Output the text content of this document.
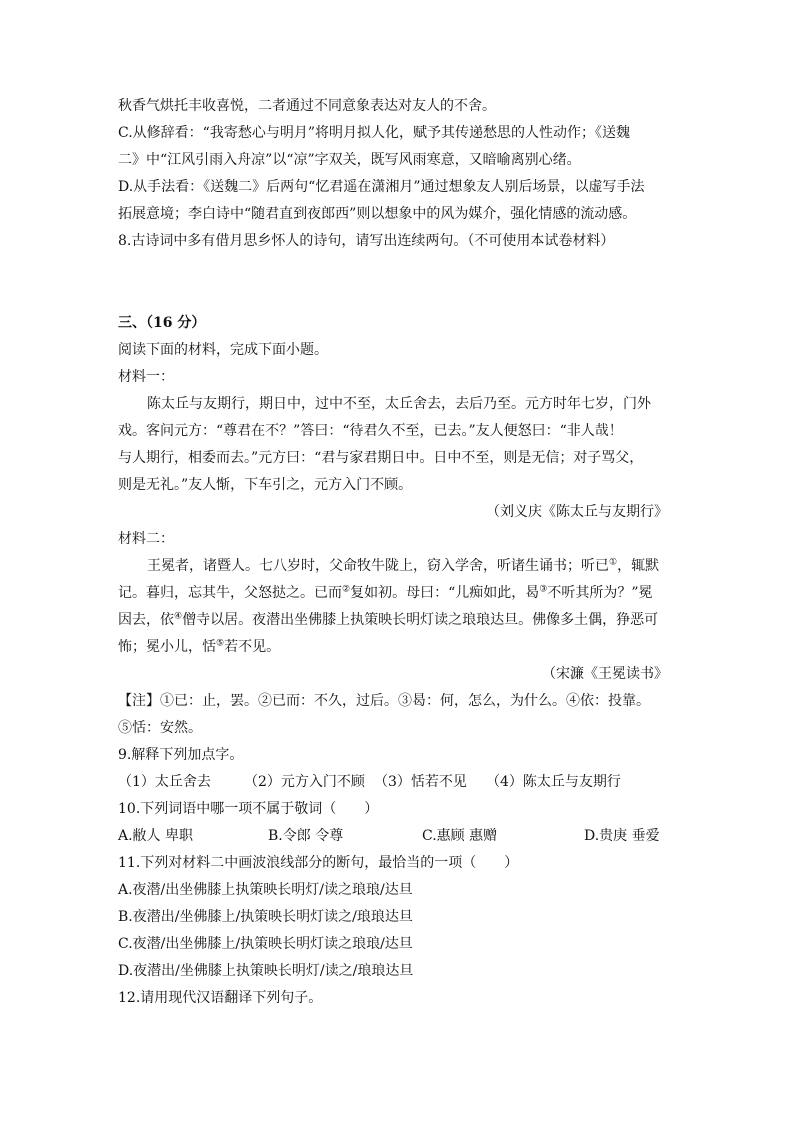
秋香气烘托丰收喜悦，二者通过不同意象表达对友人的不舍。
C.从修辞看：“我寄愁心与明月”将明月拟人化，赋予其传递愁思的人性动作；《送魏
二》中“江风引雨入舟凉”以“凉”字双关，既写风雨寒意，又暗喻离别心绪。
D.从手法看：《送魏二》后两句“忆君遥在潇湘月”通过想象友人别后场景，以虚写手法
拓展意境；李白诗中“随君直到夜郎西”则以想象中的风为媒介，强化情感的流动感。
8.古诗词中多有借月思乡怀人的诗句，请写出连续两句。（不可使用本试卷材料）
三、（16 分）
阅读下面的材料，完成下面小题。
材料一：
陈太丘与友期行，期日中，过中不至，太丘舍去，去后乃至。元方时年七岁，门外
戏。客问元方：“尊君在不？”答曰：“待君久不至，已去。”友人便怒曰：“非人哉！
与人期行，相委而去。”元方曰：“君与家君期日中。日中不至，则是无信；对子骂父，
则是无礼。”友人惭，下车引之，元方入门不顾。
（刘义庆《陈太丘与友期行》
材料二：
王冕者，诸暨人。七八岁时，父命牧牛陇上，窃入学舍，听诸生诵书；听已①，辄默
记。暮归，忘其牛，父怒挞之。已而②复如初。母曰：“儿痴如此，曷③不听其所为？”冕
因去，依④僧寺以居。夜潜出坐佛膝上执策映长明灯读之琅琅达旦。佛像多土偶，狰恶可
怖；冕小儿，恬⑤若不见。
（宋濂《王冕读书》
【注】①已：止，罢。②已而：不久，过后。③曷：何，怎么，为什么。④依：投靠。
⑤恬：安然。
9.解释下列加点字。
（1）太丘舍去 （2）元方入门不顾 （3）恬若不见 （4）陈太丘与友期行
10.下列词语中哪一项不属于敬词（　　）
A.敝人 卑职	B.令郎 令尊	C.惠顾 惠赠	D.贵庚 垂爱
11.下列对材料二中画波浪线部分的断句，最恰当的一项（　　）
A.夜潜/出坐佛膝上执策映长明灯/读之琅琅/达旦
B.夜潜出/坐佛膝上/执策映长明灯读之/琅琅达旦
C.夜潜/出坐佛膝上/执策映长明灯读之琅琅/达旦
D.夜潜出/坐佛膝上执策映长明灯/读之/琅琅达旦
12.请用现代汉语翻译下列句子。
